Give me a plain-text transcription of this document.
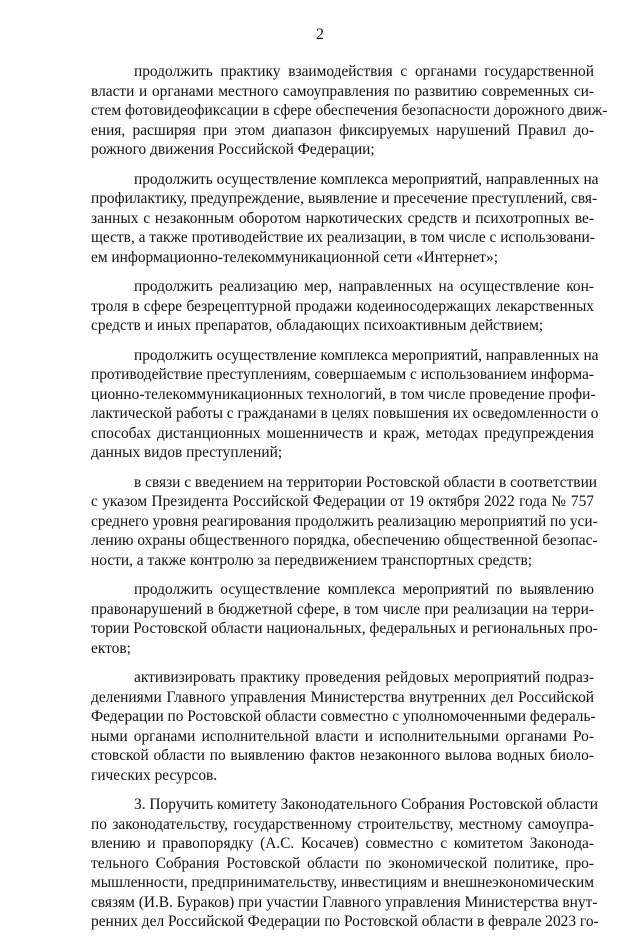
2
продолжить практику взаимодействия с органами государственной
власти и органами местного самоуправления по развитию современных си-
стем фотовидеофиксации в сфере обеспечения безопасности дорожного движ-
ения, расширяя при этом диапазон фиксируемых нарушений Правил до-
рожного движения Российской Федерации;
продолжить осуществление комплекса мероприятий, направленных на
профилактику, предупреждение, выявление и пресечение преступлений, свя-
занных с незаконным оборотом наркотических средств и психотропных ве-
ществ, а также противодействие их реализации, в том числе с использовани-
ем информационно-телекоммуникационной сети «Интернет»;
продолжить реализацию мер, направленных на осуществление кон-
троля в сфере безрецептурной продажи кодеиносодержащих лекарственных
средств и иных препаратов, обладающих психоактивным действием;
продолжить осуществление комплекса мероприятий, направленных на
противодействие преступлениям, совершаемым с использованием информа-
ционно-телекоммуникационных технологий, в том числе проведение профи-
лактической работы с гражданами в целях повышения их осведомленности о
способах дистанционных мошенничеств и краж, методах предупреждения
данных видов преступлений;
в связи с введением на территории Ростовской области в соответствии
с указом Президента Российской Федерации от 19 октября 2022 года № 757
среднего уровня реагирования продолжить реализацию мероприятий по уси-
лению охраны общественного порядка, обеспечению общественной безопас-
ности, а также контролю за передвижением транспортных средств;
продолжить осуществление комплекса мероприятий по выявлению
правонарушений в бюджетной сфере, в том числе при реализации на терри-
тории Ростовской области национальных, федеральных и региональных про-
ектов;
активизировать практику проведения рейдовых мероприятий подраз-
делениями Главного управления Министерства внутренних дел Российской
Федерации по Ростовской области совместно с уполномоченными федераль-
ными органами исполнительной власти и исполнительными органами Ро-
стовской области по выявлению фактов незаконного вылова водных биоло-
гических ресурсов.
3. Поручить комитету Законодательного Собрания Ростовской области
по законодательству, государственному строительству, местному самоупра-
влению и правопорядку (А.С. Косачев) совместно с комитетом Законода-
тельного Собрания Ростовской области по экономической политике, про-
мышленности, предпринимательству, инвестициям и внешнеэкономическим
связям (И.В. Бураков) при участии Главного управления Министерства внут-
ренних дел Российской Федерации по Ростовской области в феврале 2023 го-
